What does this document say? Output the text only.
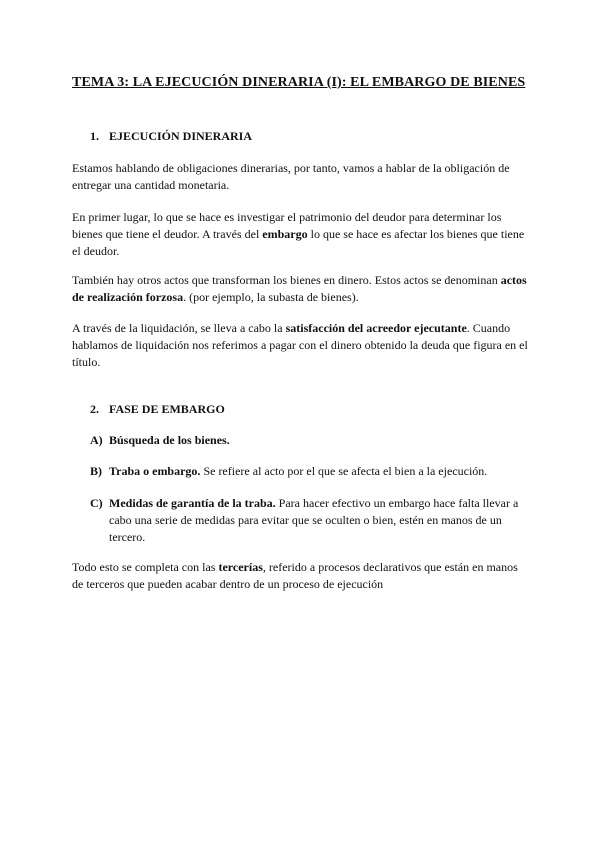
TEMA 3: LA EJECUCIÓN DINERARIA (I): EL EMBARGO DE BIENES
1. EJECUCIÓN DINERARIA
Estamos hablando de obligaciones dinerarias, por tanto, vamos a hablar de la obligación de entregar una cantidad monetaria.
En primer lugar, lo que se hace es investigar el patrimonio del deudor para determinar los bienes que tiene el deudor. A través del embargo lo que se hace es afectar los bienes que tiene el deudor.
También hay otros actos que transforman los bienes en dinero. Estos actos se denominan actos de realización forzosa. (por ejemplo, la subasta de bienes).
A través de la liquidación, se lleva a cabo la satisfacción del acreedor ejecutante. Cuando hablamos de liquidación nos referimos a pagar con el dinero obtenido la deuda que figura en el título.
2. FASE DE EMBARGO
A) Búsqueda de los bienes.
B) Traba o embargo. Se refiere al acto por el que se afecta el bien a la ejecución.
C) Medidas de garantía de la traba. Para hacer efectivo un embargo hace falta llevar a cabo una serie de medidas para evitar que se oculten o bien, estén en manos de un tercero.
Todo esto se completa con las tercerías, referido a procesos declarativos que están en manos de terceros que pueden acabar dentro de un proceso de ejecución
